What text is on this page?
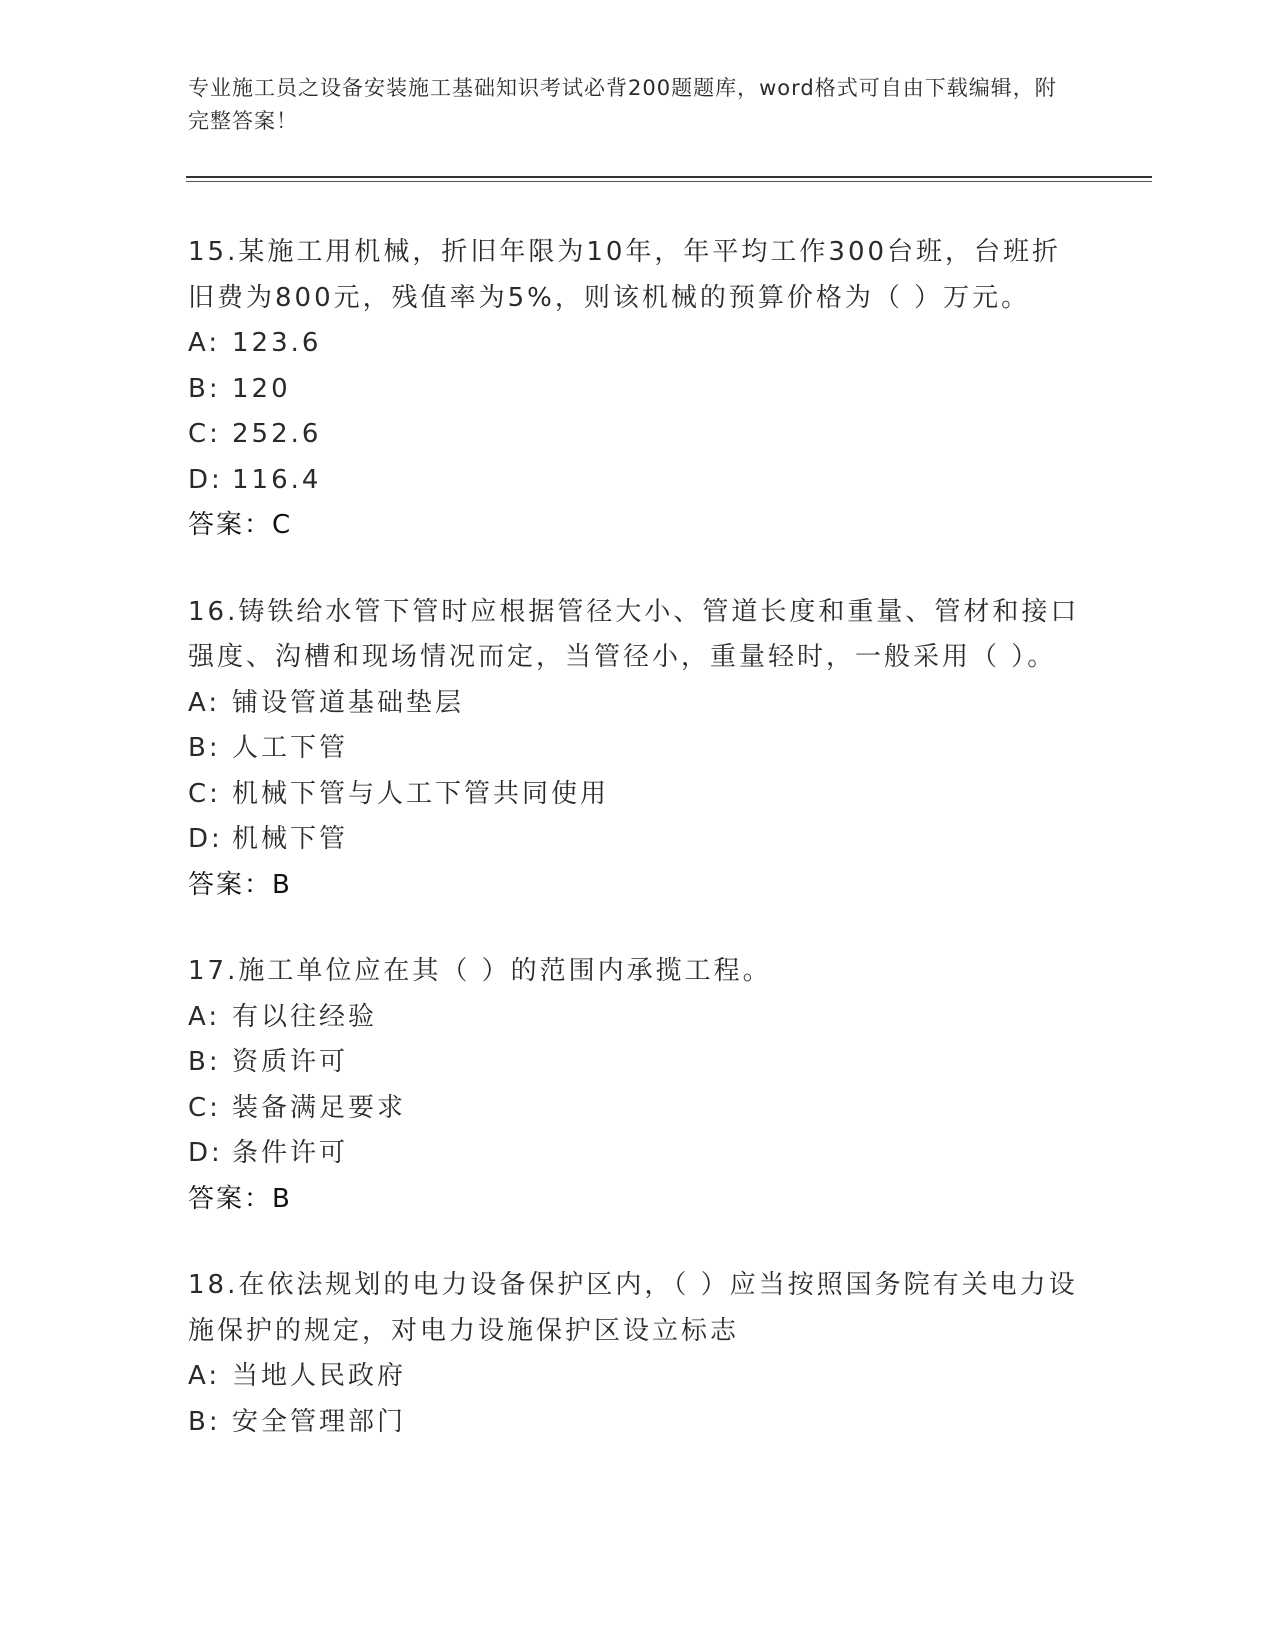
专业施工员之设备安装施工基础知识考试必背200题题库，word格式可自由下载编辑，附完整答案！

15.某施工用机械，折旧年限为10年，年平均工作300台班，台班折旧费为800元，残值率为5%，则该机械的预算价格为（ ）万元。

A: 123.6

B: 120

C: 252.6

D: 116.4

答案：C

16.铸铁给水管下管时应根据管径大小、管道长度和重量、管材和接口强度、沟槽和现场情况而定，当管径小，重量轻时，一般采用（ ）。

A: 铺设管道基础垫层

B: 人工下管

C: 机械下管与人工下管共同使用

D: 机械下管

答案：B

17.施工单位应在其（ ）的范围内承揽工程。

A: 有以往经验

B: 资质许可

C: 装备满足要求

D: 条件许可

答案：B

18.在依法规划的电力设备保护区内，（ ）应当按照国务院有关电力设施保护的规定，对电力设施保护区设立标志

A: 当地人民政府

B: 安全管理部门
